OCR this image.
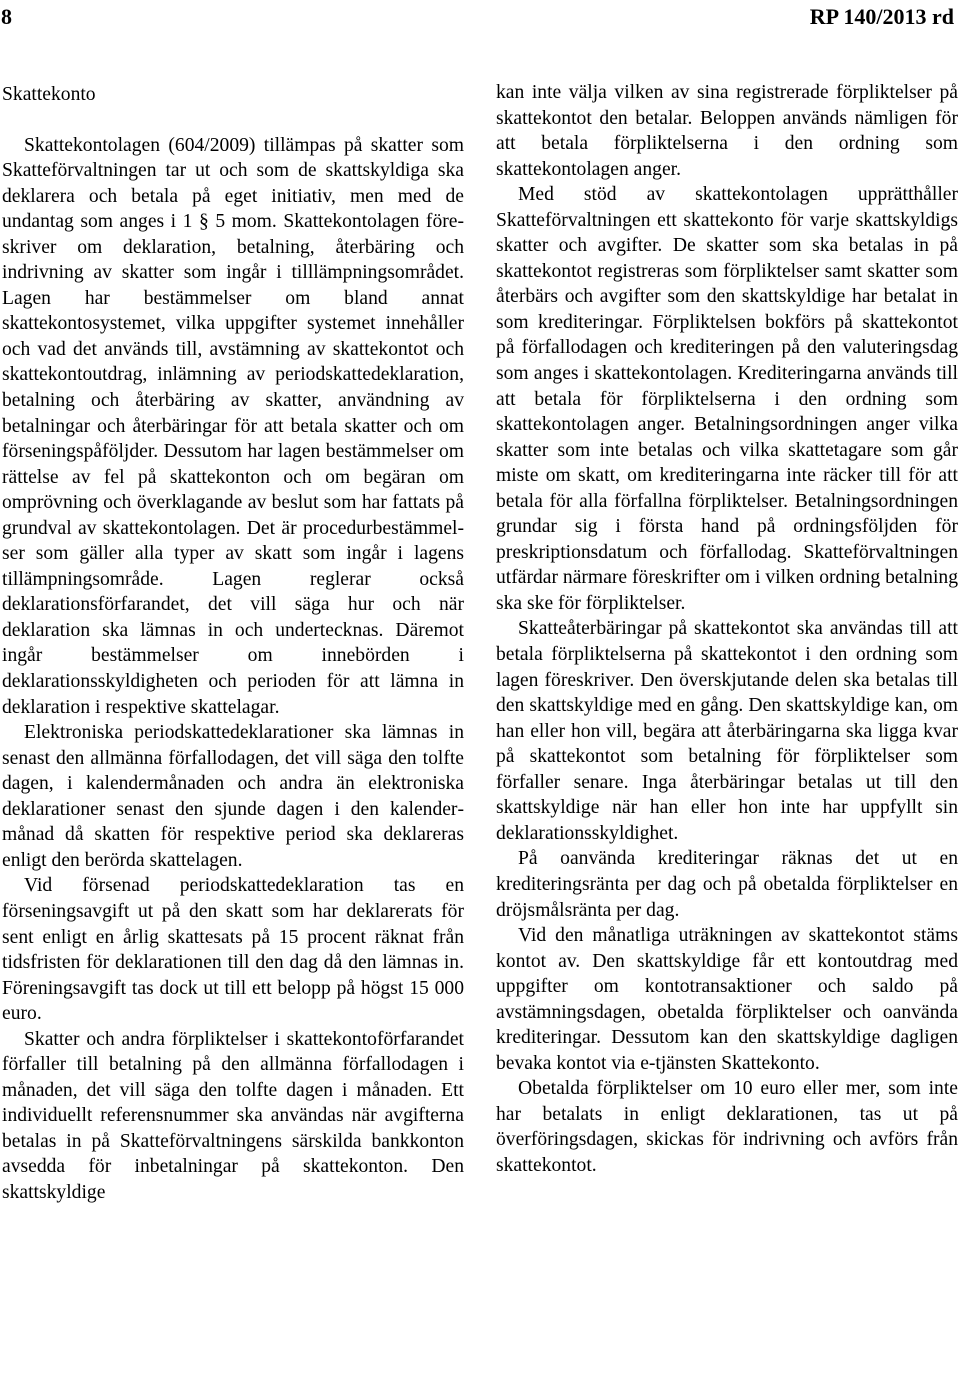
8	RP 140/2013 rd
Skattekonto

Skattekontolagen (604/2009) tillämpas på skatter som Skatteförvaltningen tar ut och som de skattskyldiga ska deklarera och betala på eget initiativ, men med de undantag som anges i 1 § 5 mom. Skattekontolagen föreskriver om deklaration, betalning, återbäring och indrivning av skatter som ingår i tilllämpningsområdet. Lagen har bestämmelser om bland annat skattekontosystemet, vilka uppgifter systemet innehåller och vad det används till, avstämning av skattekontot och skattekontoutdrag, inlämning av periodskattedeklaration, betalning och återbäring av skatter, användning av betalningar och återbäringar för att betala skatter och om förseningspåföljder. Dessutom har lagen bestämmelser om rättelse av fel på skattekonton och om begäran om omprövning och överklagande av beslut som har fattats på grundval av skattekontolagen. Det är procedurbestämmelser som gäller alla typer av skatt som ingår i lagens tillämpningsområde. Lagen reglerar också deklarationsförfarandet, det vill säga hur och när deklaration ska lämnas in och undertecknas. Däremot ingår bestämmelser om innebörden i deklarationsskyldigheten och perioden för att lämna in deklaration i respektive skattelagar.

Elektroniska periodskattedeklarationer ska lämnas in senast den allmänna förfallodagen, det vill säga den tolfte dagen, i kalendermånaden och andra än elektroniska deklarationer senast den sjunde dagen i den kalendermånad då skatten för respektive period ska deklareras enligt den berörda skattelagen.

Vid försenad periodskattedeklaration tas en förseningsavgift ut på den skatt som har deklarerats för sent enligt en årlig skattesats på 15 procent räknat från tidsfristen för deklarationen till den dag då den lämnas in. Föreningsavgift tas dock ut till ett belopp på högst 15 000 euro.

Skatter och andra förpliktelser i skattekontoförfarandet förfaller till betalning på den allmänna förfallodagen i månaden, det vill säga den tolfte dagen i månaden. Ett individuellt referensnummer ska användas när avgifterna betalas in på Skatteförvaltningens särskilda bankkonton avsedda för inbetalningar på skattekonton. Den skattskyldige

kan inte välja vilken av sina registrerade förpliktelser på skattekontot den betalar. Beloppen används nämligen för att betala förpliktelserna i den ordning som skattekontolagen anger.

Med stöd av skattekontolagen upprätthåller Skatteförvaltningen ett skattekonto för varje skattskyldigs skatter och avgifter. De skatter som ska betalas in på skattekontot registreras som förpliktelser samt skatter som återbärs och avgifter som den skattskyldige har betalat in som krediteringar. Förpliktelsen bokförs på skattekontot på förfallodagen och krediteringen på den valuteringsdag som anges i skattekontolagen. Krediteringarna används till att betala för förpliktelserna i den ordning som skattekontolagen anger. Betalningsordningen anger vilka skatter som inte betalas och vilka skattetagare som går miste om skatt, om krediteringarna inte räcker till för att betala för alla förfallna förpliktelser. Betalningsordningen grundar sig i första hand på ordningsföljden för preskriptionsdatum och förfallodag. Skatteförvaltningen utfärdar närmare föreskrifter om i vilken ordning betalning ska ske för förpliktelser.

Skatteåterbäringar på skattekontot ska användas till att betala förpliktelserna på skattekontot i den ordning som lagen föreskriver. Den överskjutande delen ska betalas till den skattskyldige med en gång. Den skattskyldige kan, om han eller hon vill, begära att återbäringarna ska ligga kvar på skattekontot som betalning för förpliktelser som förfaller senare. Inga återbäringar betalas ut till den skattskyldige när han eller hon inte har uppfyllt sin deklarationsskyldighet.

På oanvända krediteringar räknas det ut en krediteringsränta per dag och på obetalda förpliktelser en dröjsmålsränta per dag.

Vid den månatliga uträkningen av skattekontot stäms kontot av. Den skattskyldige får ett kontoutdrag med uppgifter om kontotransaktioner och saldo på avstämningsdagen, obetalda förpliktelser och oanvända krediteringar. Dessutom kan den skattskyldige dagligen bevaka kontot via e-tjänsten Skattekonto.

Obetalda förpliktelser om 10 euro eller mer, som inte har betalats in enligt deklarationen, tas ut på överföringsdagen, skickas för indrivning och avförs från skattekontot.
